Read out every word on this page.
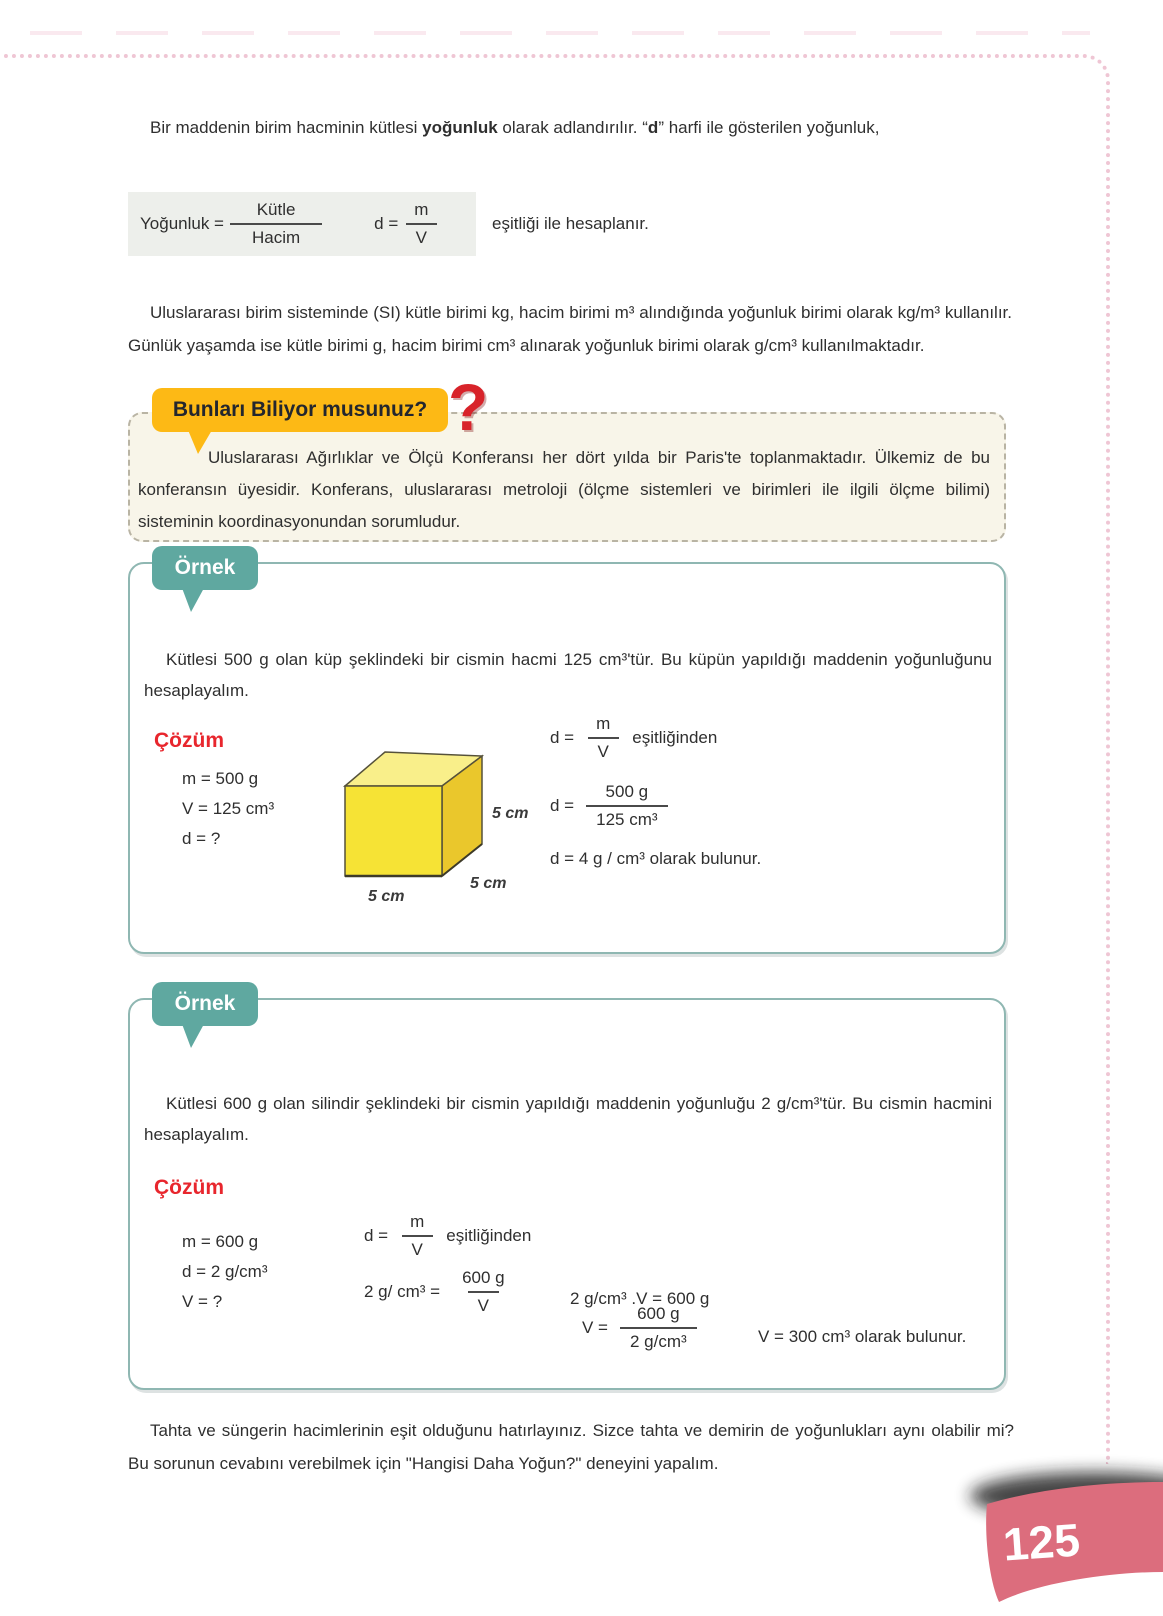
Bir maddenin birim hacminin kütlesi yoğunluk olarak adlandırılır. “d” harfi ile gösterilen yoğunluk,

Yoğunluk = $\frac{\text{Kütle}}{\text{Hacim}}$	$d = \frac{m}{V}$	eşitliği ile hesaplanır.

Uluslararası birim sisteminde (SI) kütle birimi kg, hacim birimi m³ alındığında yoğunluk birimi olarak kg/m³ kullanılır. Günlük yaşamda ise kütle birimi g, hacim birimi cm³ alınarak yoğunluk birimi olarak g/cm³ kullanılmaktadır.

Uluslararası Ağırlıklar ve Ölçü Konferansı her dört yılda bir Paris'te toplanmaktadır. Ülkemiz de bu konferansın üyesidir. Konferans, uluslararası metroloji (ölçme sistemleri ve birimleri ile ilgili ölçme bilimi) sisteminin koordinasyonundan sorumludur.

Bunları Biliyor musunuz? ?
Örnek

Kütlesi 500 g olan küp şeklindeki bir cismin hacmi 125 cm³'tür. Bu küpün yapıldığı maddenin yoğunluğunu hesaplayalım.

Çözüm

m = 500 g

V = 125 cm³

d = ?

5 cm
5 cm
5 cm
$d = \frac{m}{V}$ eşitliğinden
$d = \frac{500 g}{\text{125 cm³}}$

d = 4 g / cm³ olarak bulunur.

Örnek

Kütlesi 600 g olan silindir şeklindeki bir cismin yapıldığı maddenin yoğunluğu 2 g/cm³'tür. Bu cismin hacmini hesaplayalım.

Çözüm

m = 600 g

d = 2 g/cm³

V = ?

$d = \frac{m}{V}$ eşitliğinden
2 g/ $cm^3 = \frac{600 g}{V}$	2 g/cm³ .V = 600 g

$V = \frac{600 g}{\text{2 g/cm³}}$	V = 300 cm³ olarak bulunur.

Tahta ve süngerin hacimlerinin eşit olduğunu hatırlayınız. Sizce tahta ve demirin de yoğunlukları aynı olabilir mi? Bu sorunun cevabını verebilmek için "Hangisi Daha Yoğun?" deneyini yapalım.

125
